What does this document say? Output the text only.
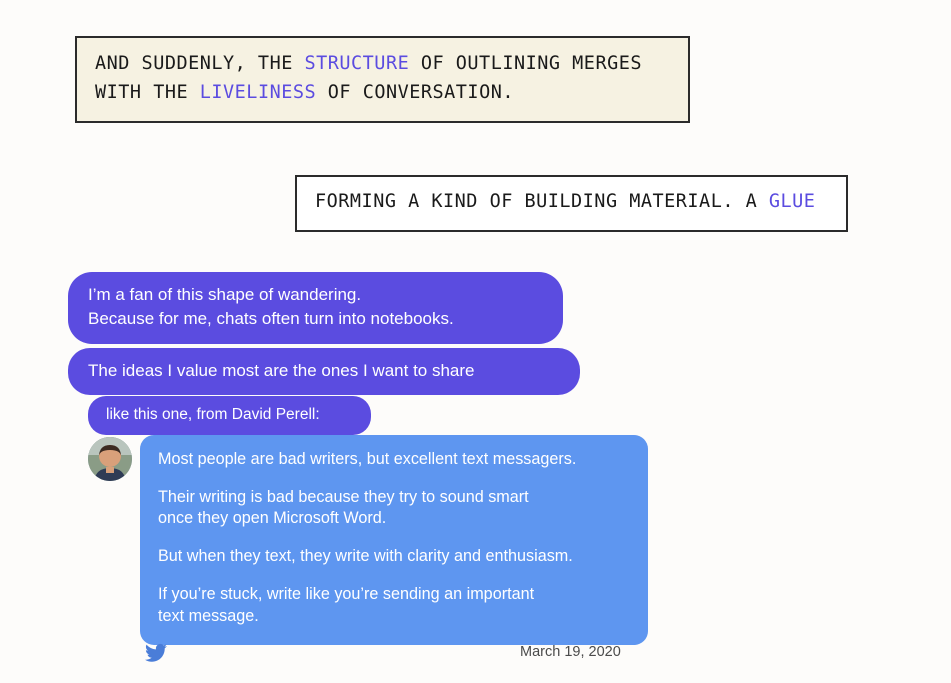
AND SUDDENLY, THE STRUCTURE OF OUTLINING MERGES
WITH THE LIVELINESS OF CONVERSATION.
FORMING A KIND OF BUILDING MATERIAL. A GLUE
I’m a fan of this shape of wandering.
Because for me, chats often turn into notebooks.
The ideas I value most are the ones I want to share
like this one, from David Perell:

Most people are bad writers, but excellent text messagers.

Their writing is bad because they try to sound smart
once they open Microsoft Word.

But when they text, they write with clarity and enthusiasm.

If you’re stuck, write like you’re sending an important
text message.

March 19, 2020
